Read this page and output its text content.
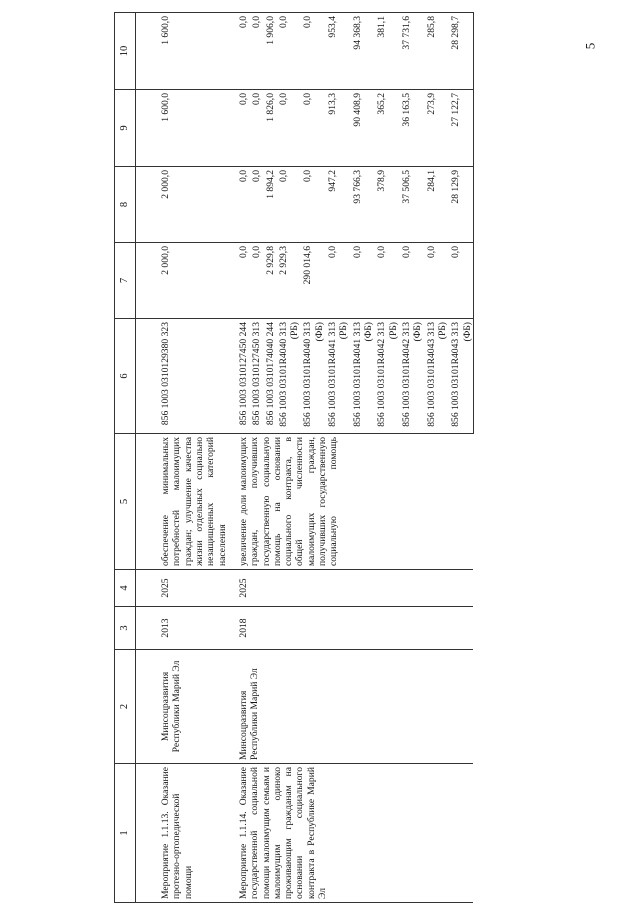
5
1	2	3	4	5	6	7	8	9	10
Мероприятие 1.1.13. Оказание протезно-ортопедической помощи	Минсоцразвития Республики Марий Эл	2013	2025	обеспечение минимальных потребностей малоимущих граждан; улучшение качества жизни отдельных социально незащищенных категорий населения	856 1003 0310129380 323	2 000,0	2 000,0	1 600,0	1 600,0
Мероприятие 1.1.14. Оказание государственной социальной помощи малоимущим семьям и малоимущим одиноко проживающим гражданам на основании социального контракта в Республике Марий Эл	Минсоцразвития Республики Марий Эл	2018	2025	увеличение доли малоимущих граждан, получивших государственную социальную помощь на основании социального контракта, в общей численности малоимущих граждан, получивших государственную социальную помощь	856 1003 0310127450 244	0,0	0,0	0,0	0,0
					856 1003 0310127450 313	0,0	0,0	0,0	0,0
					856 1003 0310174040 244	2 929,8	1 894,2	1 826,0	1 906,0
					856 1003 03101R4040 313 (РБ)	2 929,3	0,0	0,0	0,0
					856 1003 03101R4040 313 (ФБ)	290 014,6	0,0	0,0	0,0
					856 1003 03101R4041 313 (РБ)	0,0	947,2	913,3	953,4
					856 1003 03101R4041 313 (ФБ)	0,0	93 766,3	90 408,9	94 368,3
					856 1003 03101R4042 313 (РБ)	0,0	378,9	365,2	381,1
					856 1003 03101R4042 313 (ФБ)	0,0	37 506,5	36 163,5	37 731,6
					856 1003 03101R4043 313 (РБ)	0,0	284,1	273,9	285,8
					856 1003 03101R4043 313 (ФБ)	0,0	28 129,9	27 122,7	28 298,7
